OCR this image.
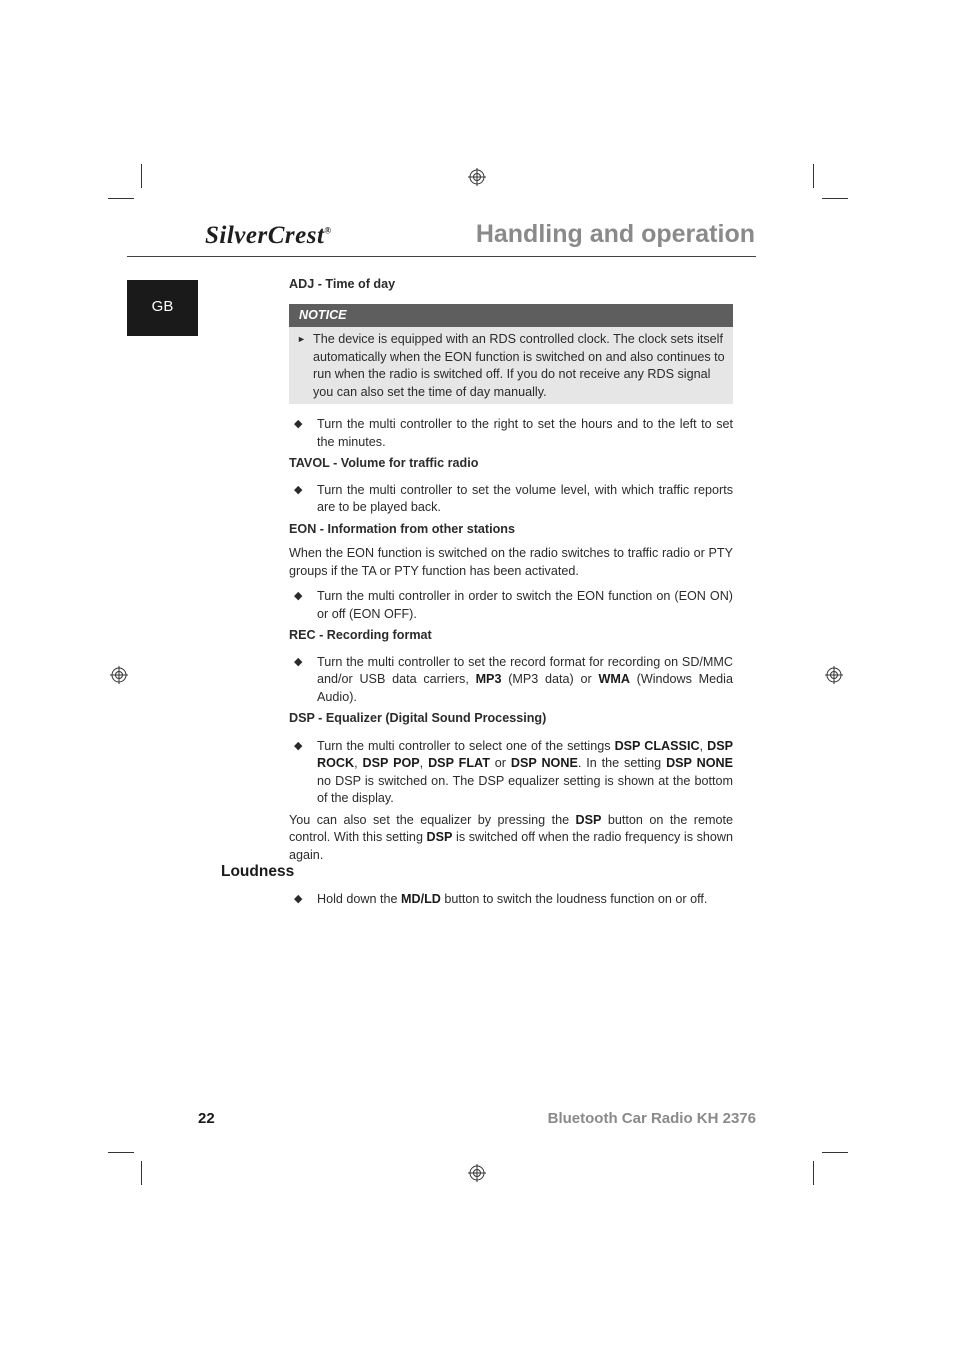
SilverCrest®	Handling and operation
GB

ADJ - Time of day

NOTICE
► The device is equipped with an RDS controlled clock. The clock sets itself automatically when the EON function is switched on and also continues to run when the radio is switched off. If you do not receive any RDS signal you can also set the time of day manually.

◆ Turn the multi controller to the right to set the hours and to the left to set the minutes.

TAVOL - Volume for traffic radio

◆ Turn the multi controller to set the volume level, with which traffic reports are to be played back.

EON - Information from other stations

When the EON function is switched on the radio switches to traffic radio or PTY groups if the TA or PTY function has been activated.

◆ Turn the multi controller in order to switch the EON function on (EON ON) or off (EON OFF).

REC - Recording format

◆ Turn the multi controller to set the record format for recording on SD/MMC and/or USB data carriers, MP3 (MP3 data) or WMA (Windows Media Audio).

DSP - Equalizer (Digital Sound Processing)

◆ Turn the multi controller to select one of the settings DSP CLASSIC, DSP ROCK, DSP POP, DSP FLAT or DSP NONE. In the setting DSP NONE no DSP is switched on. The DSP equalizer setting is shown at the bottom of the display.

You can also set the equalizer by pressing the DSP button on the remote control. With this setting DSP is switched off when the radio frequency is shown again.

Loudness

◆ Hold down the MD/LD button to switch the loudness function on or off.

22	Bluetooth Car Radio KH 2376
